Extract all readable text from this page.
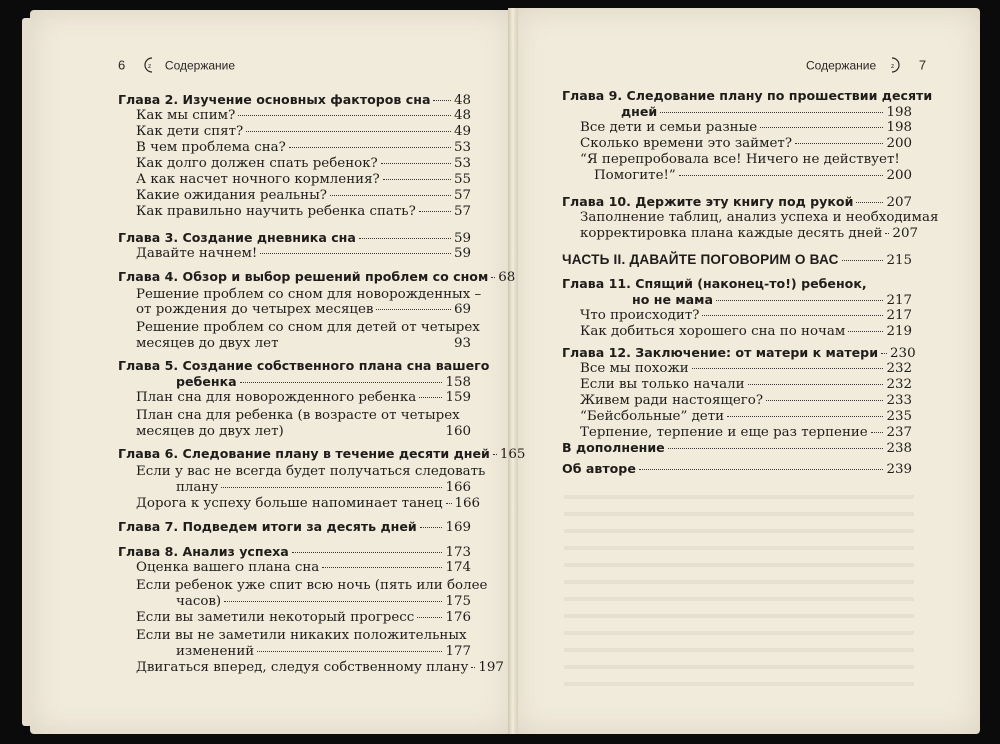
6	z Содержание	Содержание	z 7
Глава 2. Изучение основных факторов сна 48
Как мы спим?	48
Как дети спят?	49
В чем проблема сна?	53
Как долго должен спать ребенок?	53
А как насчет ночного кормления?	55
Какие ожидания реальны?	57
Как правильно научить ребенка спать?	57
Глава 3. Создание дневника сна	59
Давайте начнем!	59
Глава 4. Обзор и выбор решений проблем со сном 68
Решение проблем со сном для новорожденных –
от рождения до четырех месяцев	69
Решение проблем со сном для детей от четырех
месяцев до двух лет	93
Глава 5. Создание собственного плана сна вашего
ребенка	158
План сна для новорожденного ребенка 159
План сна для ребенка (в возрасте от четырех
месяцев до двух лет)	160
Глава 6. Следование плану в течение десяти дней 165
Если у вас не всегда будет получаться следовать
плану	166
Дорога к успеху больше напоминает танец 166
Глава 7. Подведем итоги за десять дней 169
Глава 8. Анализ успеха	173
Оценка вашего плана сна	174
Если ребенок уже спит всю ночь (пять или более
часов)	175
Если вы заметили некоторый прогресс 176
Если вы не заметили никаких положительных
изменений	177
Двигаться вперед, следуя собственному плану 197
Глава 9. Следование плану по прошествии десяти
дней	198
Все дети и семьи разные	198
Сколько времени это займет?	200
“Я перепробовала все! Ничего не действует!
Помогите!”	200
Глава 10. Держите эту книгу под рукой 207
Заполнение таблиц, анализ успеха и необходимая
корректировка плана каждые десять дней 207
ЧАСТЬ II. ДАВАЙТЕ ПОГОВОРИМ О ВАС	215
Глава 11. Спящий (наконец-то!) ребенок,
но не мама	217
Что происходит?	217
Как добиться хорошего сна по ночам	219
Глава 12. Заключение: от матери к матери 230
Все мы похожи	232
Если вы только начали	232
Живем ради настоящего?	233
“Бейсбольные” дети	235
Терпение, терпение и еще раз терпение 237
В дополнение	238
Об авторе	239
